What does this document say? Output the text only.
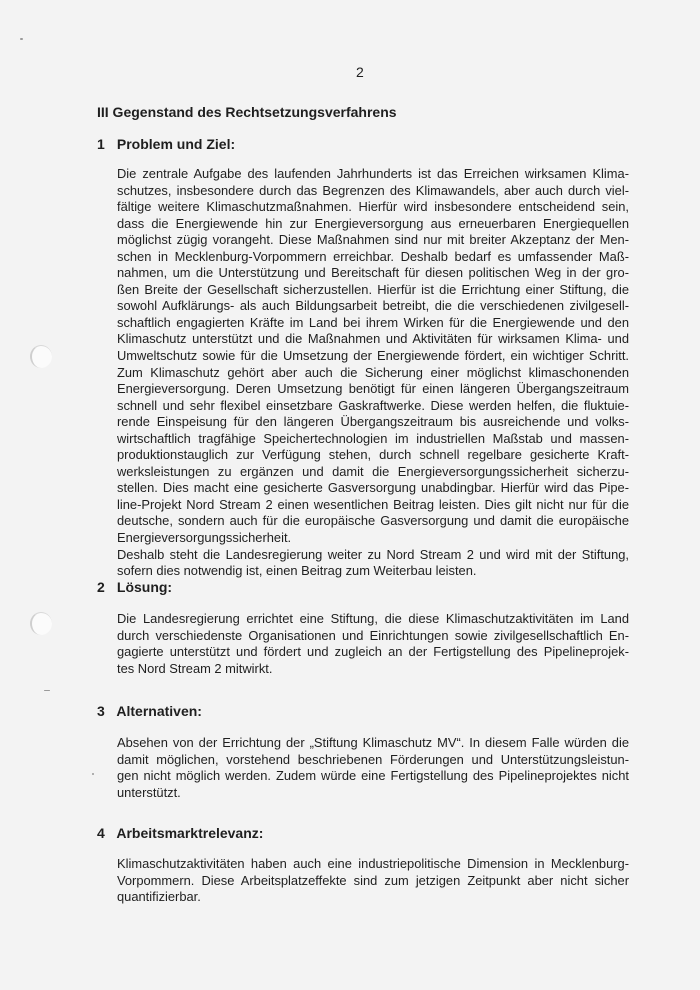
2
III Gegenstand des Rechtsetzungsverfahrens
1 Problem und Ziel:
Die zentrale Aufgabe des laufenden Jahrhunderts ist das Erreichen wirksamen Klima-
schutzes, insbesondere durch das Begrenzen des Klimawandels, aber auch durch viel-
fältige weitere Klimaschutzmaßnahmen. Hierfür wird insbesondere entscheidend sein,
dass die Energiewende hin zur Energieversorgung aus erneuerbaren Energiequellen
möglichst zügig vorangeht. Diese Maßnahmen sind nur mit breiter Akzeptanz der Men-
schen in Mecklenburg-Vorpommern erreichbar. Deshalb bedarf es umfassender Maß-
nahmen, um die Unterstützung und Bereitschaft für diesen politischen Weg in der gro-
ßen Breite der Gesellschaft sicherzustellen. Hierfür ist die Errichtung einer Stiftung, die
sowohl Aufklärungs- als auch Bildungsarbeit betreibt, die die verschiedenen zivilgesell-
schaftlich engagierten Kräfte im Land bei ihrem Wirken für die Energiewende und den
Klimaschutz unterstützt und die Maßnahmen und Aktivitäten für wirksamen Klima- und
Umweltschutz sowie für die Umsetzung der Energiewende fördert, ein wichtiger Schritt.
Zum Klimaschutz gehört aber auch die Sicherung einer möglichst klimaschonenden
Energieversorgung. Deren Umsetzung benötigt für einen längeren Übergangszeitraum
schnell und sehr flexibel einsetzbare Gaskraftwerke. Diese werden helfen, die fluktuie-
rende Einspeisung für den längeren Übergangszeitraum bis ausreichende und volks-
wirtschaftlich tragfähige Speichertechnologien im industriellen Maßstab und massen-
produktionstauglich zur Verfügung stehen, durch schnell regelbare gesicherte Kraft-
werksleistungen zu ergänzen und damit die Energieversorgungssicherheit sicherzu-
stellen. Dies macht eine gesicherte Gasversorgung unabdingbar. Hierfür wird das Pipe-
line-Projekt Nord Stream 2 einen wesentlichen Beitrag leisten. Dies gilt nicht nur für die
deutsche, sondern auch für die europäische Gasversorgung und damit die europäische
Energieversorgungssicherheit.
Deshalb steht die Landesregierung weiter zu Nord Stream 2 und wird mit der Stiftung,
sofern dies notwendig ist, einen Beitrag zum Weiterbau leisten.
2 Lösung:
Die Landesregierung errichtet eine Stiftung, die diese Klimaschutzaktivitäten im Land
durch verschiedenste Organisationen und Einrichtungen sowie zivilgesellschaftlich En-
gagierte unterstützt und fördert und zugleich an der Fertigstellung des Pipelineprojek-
tes Nord Stream 2 mitwirkt.
3 Alternativen:
Absehen von der Errichtung der „Stiftung Klimaschutz MV“. In diesem Falle würden die
damit möglichen, vorstehend beschriebenen Förderungen und Unterstützungsleistun-
gen nicht möglich werden. Zudem würde eine Fertigstellung des Pipelineprojektes nicht
unterstützt.
4 Arbeitsmarktrelevanz:
Klimaschutzaktivitäten haben auch eine industriepolitische Dimension in Mecklenburg-
Vorpommern. Diese Arbeitsplatzeffekte sind zum jetzigen Zeitpunkt aber nicht sicher
quantifizierbar.
